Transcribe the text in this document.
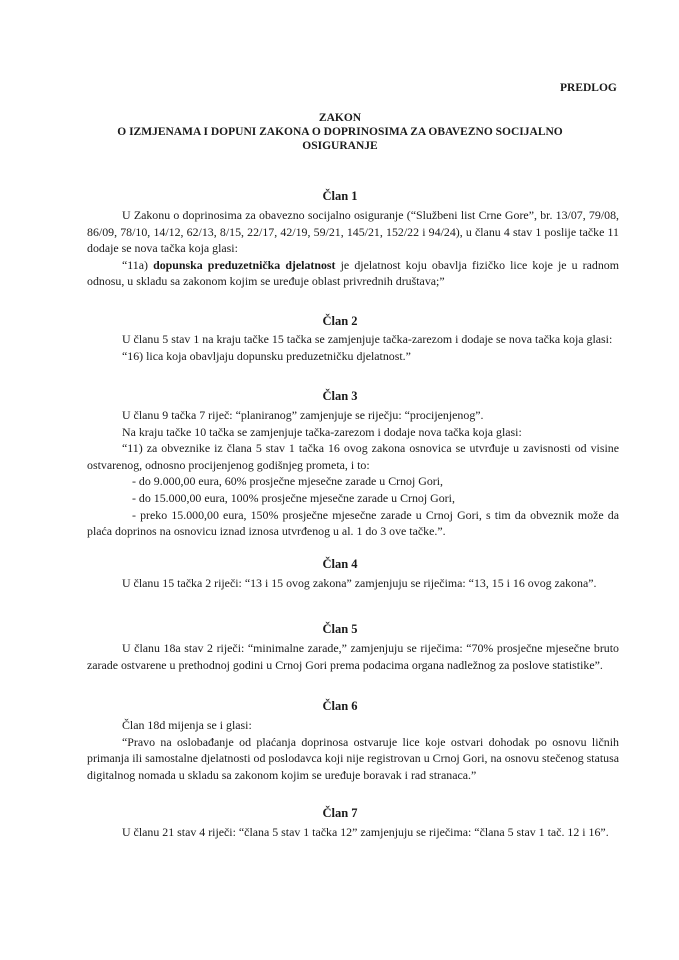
PREDLOG
ZAKON
O IZMJENAMA I DOPUNI ZAKONA O DOPRINOSIMA ZA OBAVEZNO SOCIJALNO
OSIGURANJE
Član 1

U Zakonu o doprinosima za obavezno socijalno osiguranje (“Službeni list Crne Gore”, br. 13/07, 79/08, 86/09, 78/10, 14/12, 62/13, 8/15, 22/17, 42/19, 59/21, 145/21, 152/22 i 94/24), u članu 4 stav 1 poslije tačke 11 dodaje se nova tačka koja glasi:

“11a) dopunska preduzetnička djelatnost je djelatnost koju obavlja fizičko lice koje je u radnom odnosu, u skladu sa zakonom kojim se uređuje oblast privrednih društava;”

Član 2

U članu 5 stav 1 na kraju tačke 15 tačka se zamjenjuje tačka-zarezom i dodaje se nova tačka koja glasi:

“16) lica koja obavljaju dopunsku preduzetničku djelatnost.”

Član 3

U članu 9 tačka 7 riječ: “planiranog” zamjenjuje se riječju: “procijenjenog”.

Na kraju tačke 10 tačka se zamjenjuje tačka-zarezom i dodaje nova tačka koja glasi:

“11) za obveznike iz člana 5 stav 1 tačka 16 ovog zakona osnovica se utvrđuje u zavisnosti od visine ostvarenog, odnosno procijenjenog godišnjeg prometa, i to:

- do 9.000,00 eura, 60% prosječne mjesečne zarade u Crnoj Gori,

- do 15.000,00 eura, 100% prosječne mjesečne zarade u Crnoj Gori,

- preko 15.000,00 eura, 150% prosječne mjesečne zarade u Crnoj Gori, s tim da obveznik može da plaća doprinos na osnovicu iznad iznosa utvrđenog u al. 1 do 3 ove tačke.”.

Član 4

U članu 15 tačka 2 riječi: “13 i 15 ovog zakona” zamjenjuju se riječima: “13, 15 i 16 ovog zakona”.

Član 5

U članu 18a stav 2 riječi: “minimalne zarade,” zamjenjuju se riječima: “70% prosječne mjesečne bruto zarade ostvarene u prethodnoj godini u Crnoj Gori prema podacima organa nadležnog za poslove statistike”.

Član 6

Član 18d mijenja se i glasi:

“Pravo na oslobađanje od plaćanja doprinosa ostvaruje lice koje ostvari dohodak po osnovu ličnih primanja ili samostalne djelatnosti od poslodavca koji nije registrovan u Crnoj Gori, na osnovu stečenog statusa digitalnog nomada u skladu sa zakonom kojim se uređuje boravak i rad stranaca.”

Član 7

U članu 21 stav 4 riječi: “člana 5 stav 1 tačka 12” zamjenjuju se riječima: “člana 5 stav 1 tač. 12 i 16”.
